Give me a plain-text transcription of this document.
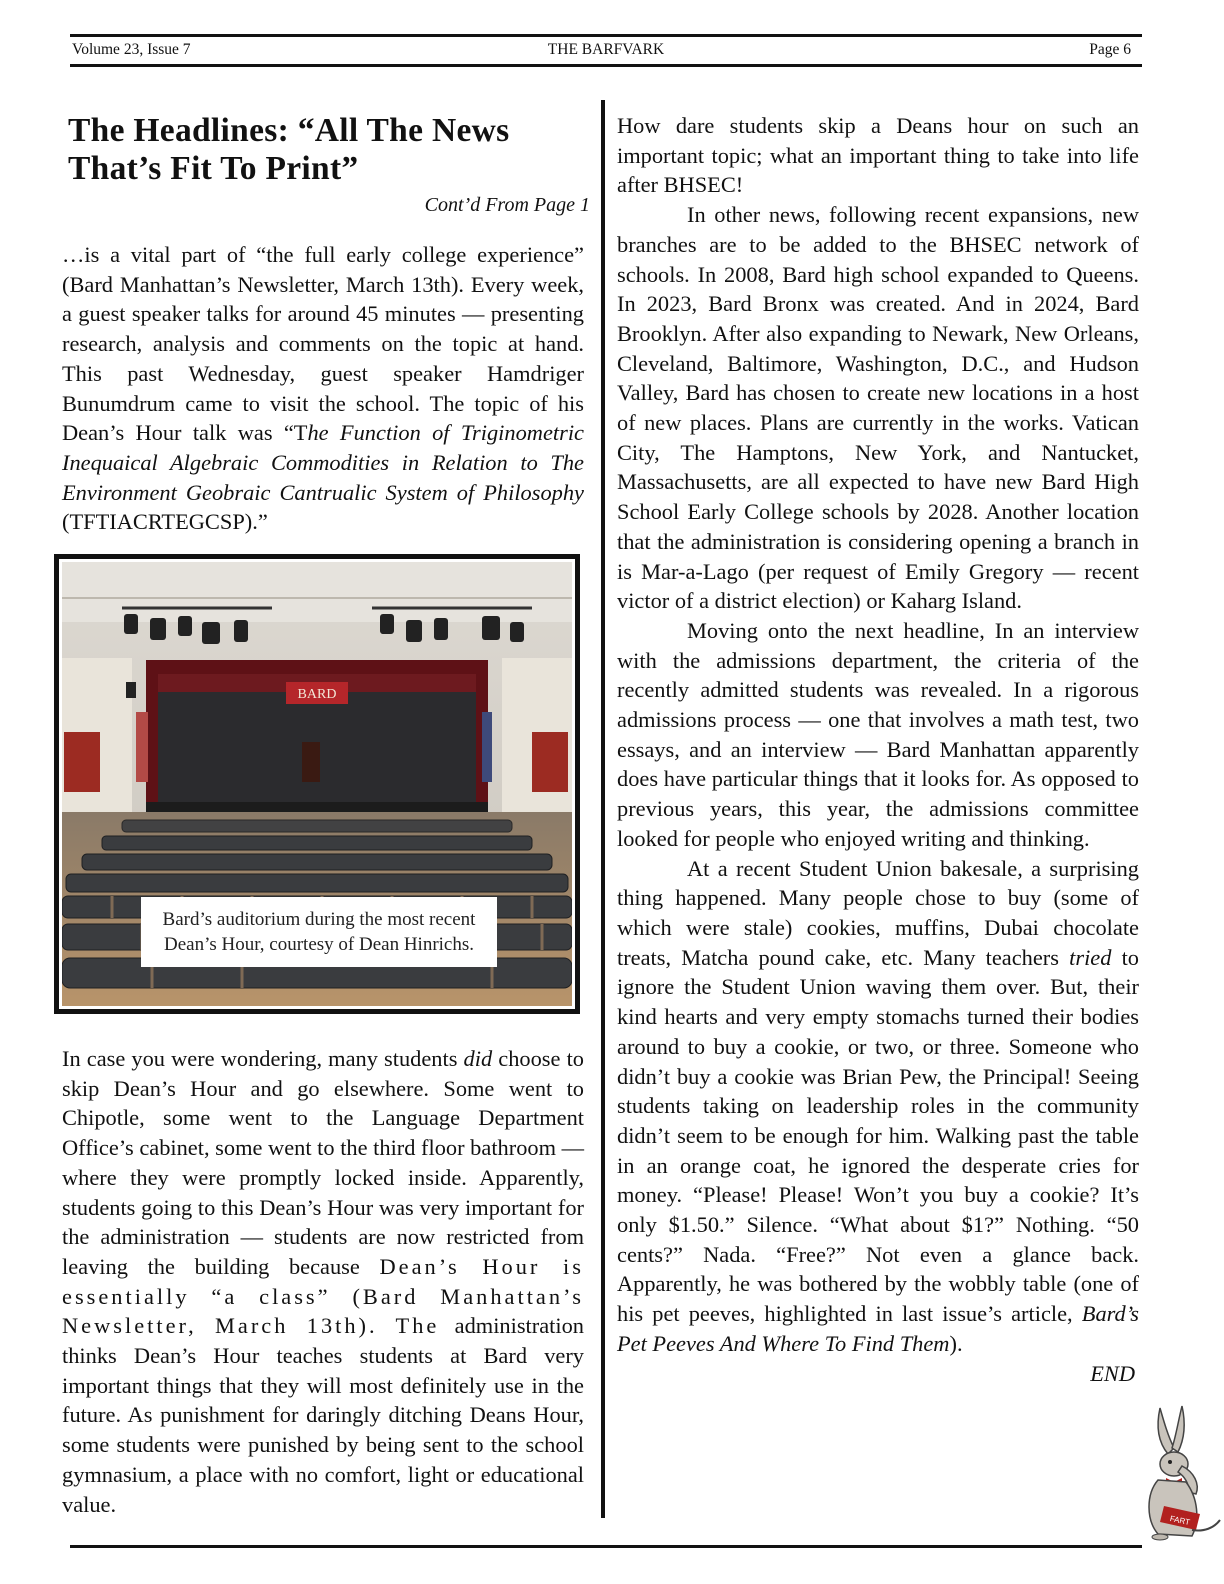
Volume 23, Issue 7	THE BARFVARK	Page 6
The Headlines: “All The News That’s Fit To Print”
Cont’d From Page 1

…is a vital part of “the full early college experience” (Bard Manhattan’s Newsletter, March 13th). Every week, a guest speaker talks for around 45 minutes — presenting research, analysis and comments on the topic at hand. This past Wednesday, guest speaker Hamdriger Bunumdrum came to visit the school. The topic of his Dean’s Hour talk was “The Function of Triginometric Inequaical Algebraic Commodities in Relation to The Environment Geobraic Cantrualic System of Philosophy (TFTIACRTEGCSP).”

BARD
Bard’s auditorium during the most recent Dean’s Hour, courtesy of Dean Hinrichs.

In case you were wondering, many students did choose to skip Dean’s Hour and go elsewhere. Some went to Chipotle, some went to the Language Department Office’s cabinet, some went to the third floor bathroom — where they were promptly locked inside. Apparently, students going to this Dean’s Hour was very important for the administration — students are now restricted from leaving the building because Dean’s Hour is essentially “a class” (Bard Manhattan’s Newsletter, March 13th). The administration thinks Dean’s Hour teaches students at Bard very important things that they will most definitely use in the future. As punishment for daringly ditching Deans Hour, some students were punished by being sent to the school gymnasium, a place with no comfort, light or educational value.

How dare students skip a Deans hour on such an important topic; what an important thing to take into life after BHSEC!

In other news, following recent expansions, new branches are to be added to the BHSEC network of schools. In 2008, Bard high school expanded to Queens. In 2023, Bard Bronx was created. And in 2024, Bard Brooklyn. After also expanding to Newark, New Orleans, Cleveland, Baltimore, Washington, D.C., and Hudson Valley, Bard has chosen to create new locations in a host of new places. Plans are currently in the works. Vatican City, The Hamptons, New York, and Nantucket, Massachusetts, are all expected to have new Bard High School Early College schools by 2028. Another location that the administration is considering opening a branch in is Mar-a-Lago (per request of Emily Gregory — recent victor of a district election) or Kaharg Island.

Moving onto the next headline, In an interview with the admissions department, the criteria of the recently admitted students was revealed. In a rigorous admissions process — one that involves a math test, two essays, and an interview — Bard Manhattan apparently does have particular things that it looks for. As opposed to previous years, this year, the admissions committee looked for people who enjoyed writing and thinking.

At a recent Student Union bakesale, a surprising thing happened. Many people chose to buy (some of which were stale) cookies, muffins, Dubai chocolate treats, Matcha pound cake, etc. Many teachers tried to ignore the Student Union waving them over. But, their kind hearts and very empty stomachs turned their bodies around to buy a cookie, or two, or three. Someone who didn’t buy a cookie was Brian Pew, the Principal! Seeing students taking on leadership roles in the community didn’t seem to be enough for him. Walking past the table in an orange coat, he ignored the desperate cries for money. “Please! Please! Won’t you buy a cookie? It’s only $1.50.” Silence. “What about $1?” Nothing. “50 cents?” Nada. “Free?” Not even a glance back. Apparently, he was bothered by the wobbly table (one of his pet peeves, highlighted in last issue’s article, Bard’s Pet Peeves And Where To Find Them).

END

FART
